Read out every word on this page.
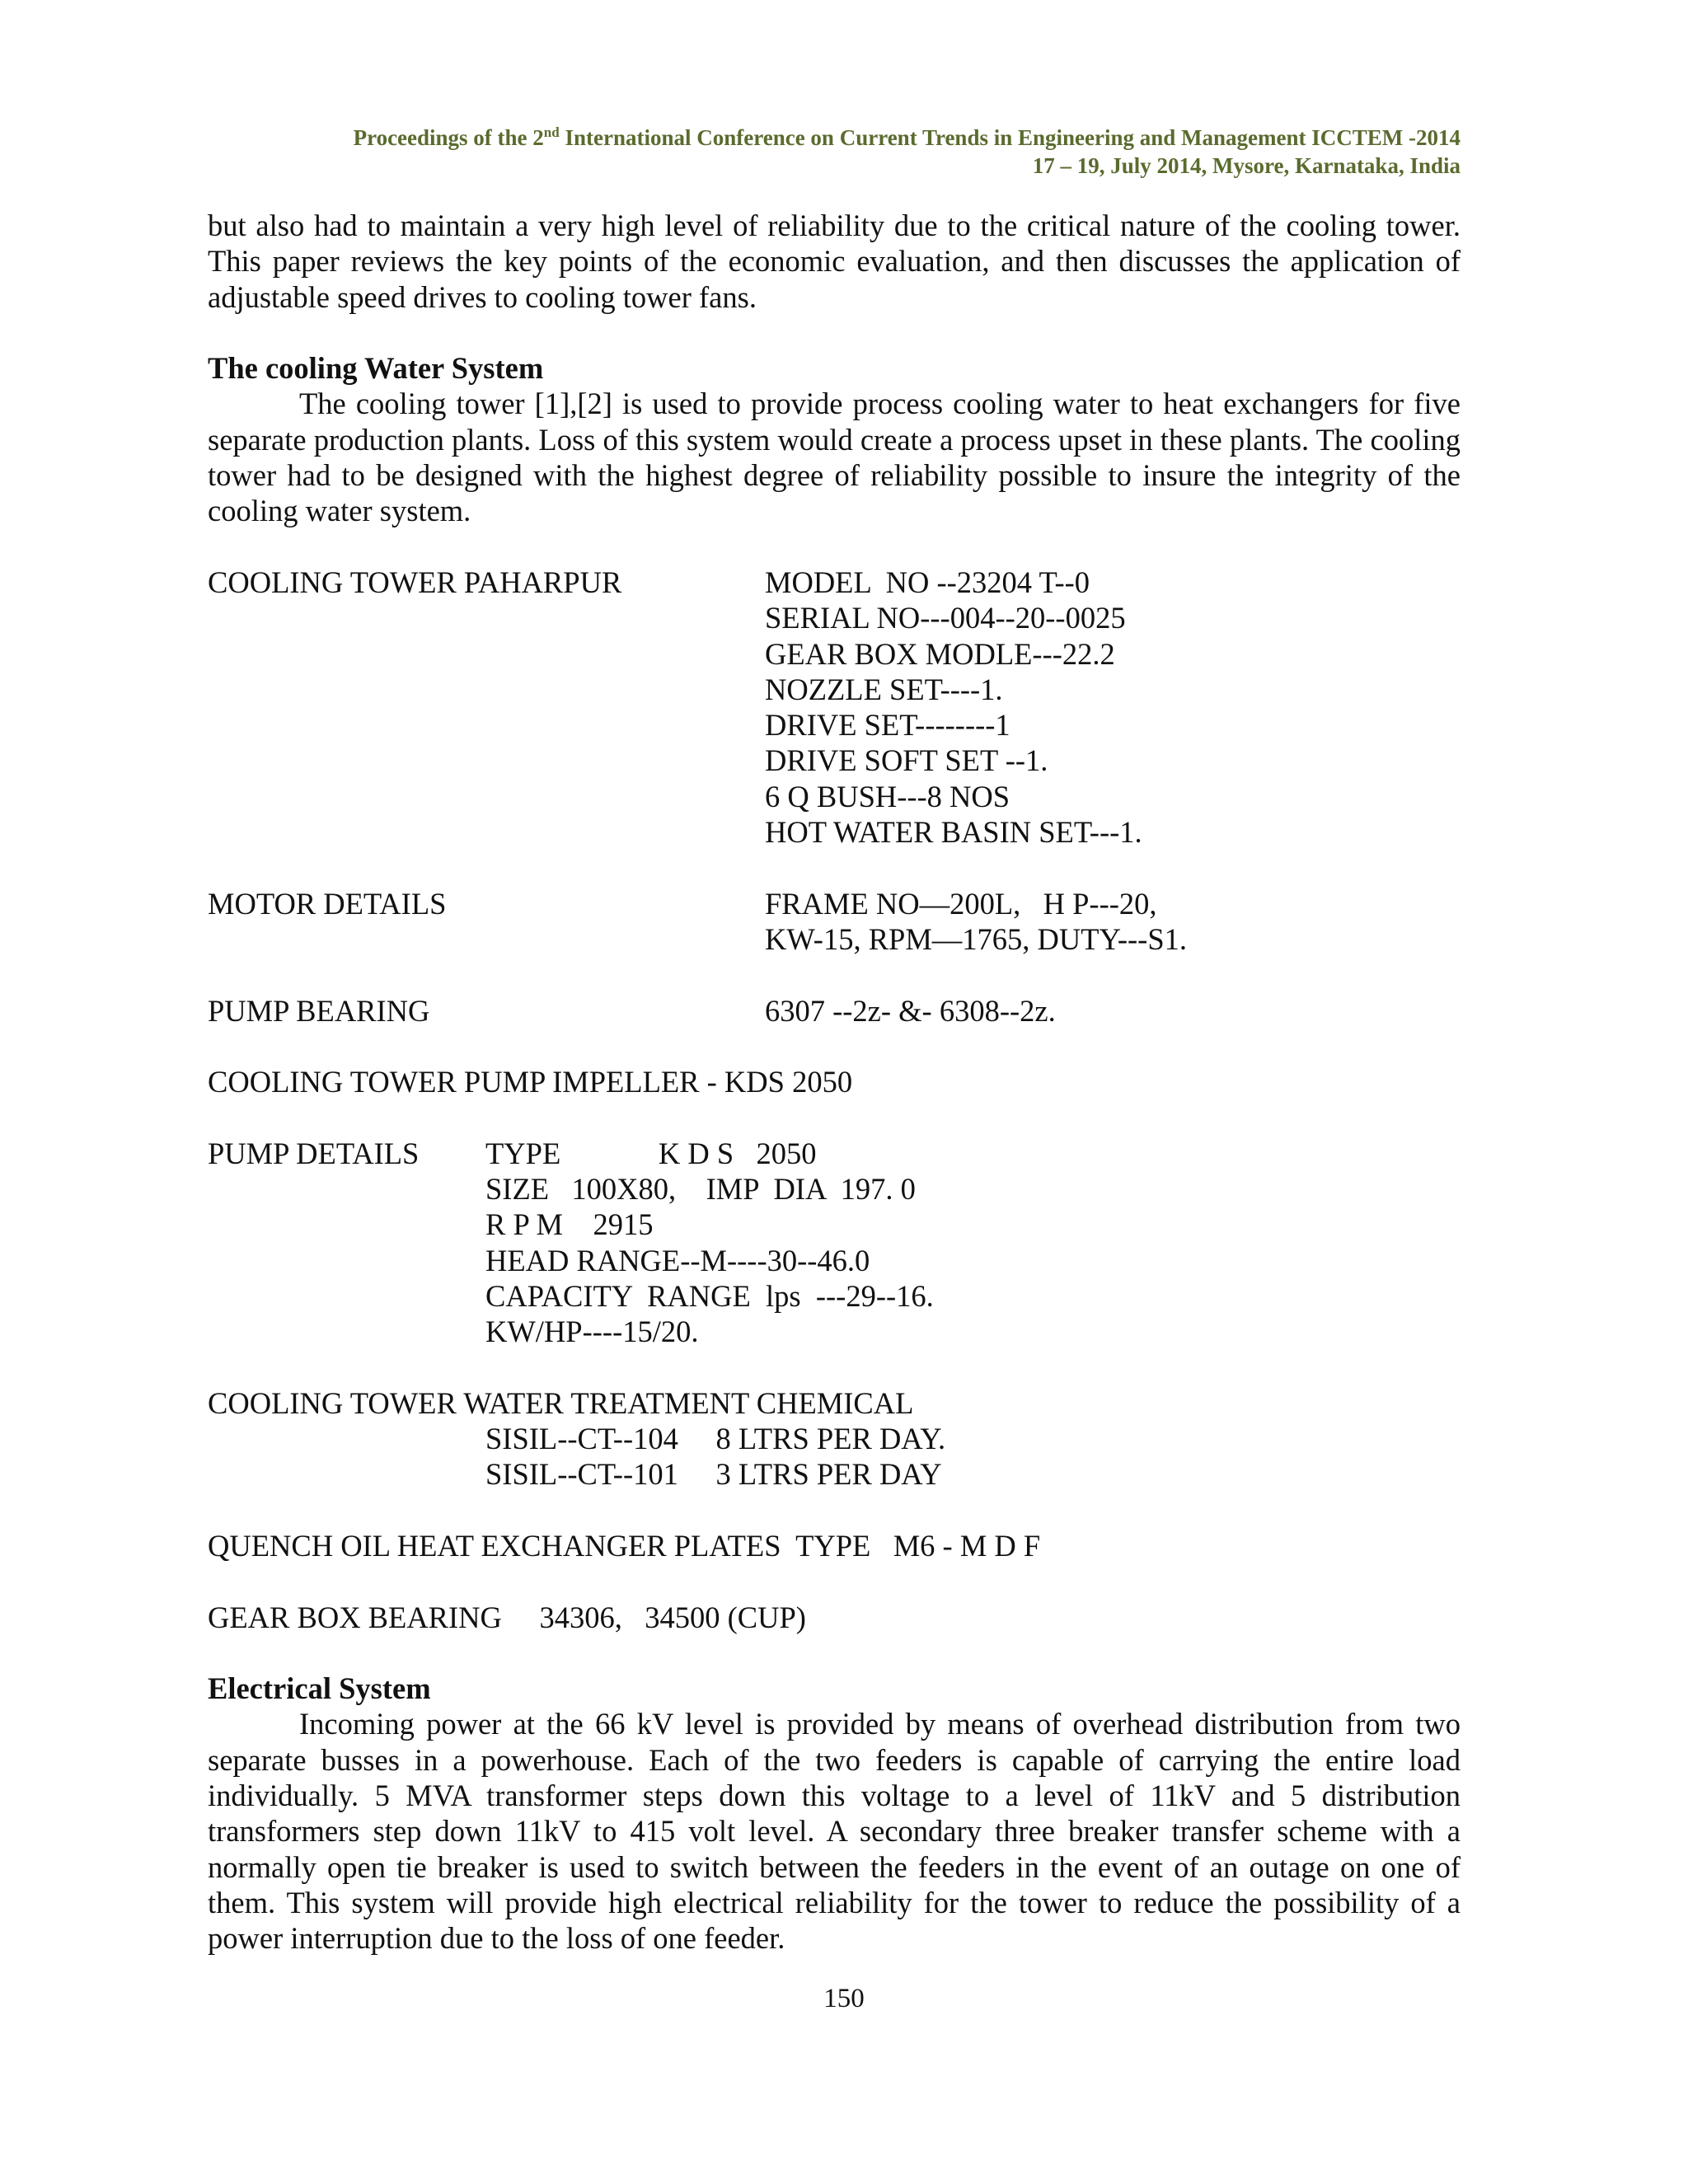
Proceedings of the 2nd International Conference on Current Trends in Engineering and Management ICCTEM -2014
17 – 19, July 2014, Mysore, Karnataka, India

but also had to maintain a very high level of reliability due to the critical nature of the cooling tower. This paper reviews the key points of the economic evaluation, and then discusses the application of adjustable speed drives to cooling tower fans.

The cooling Water System

The cooling tower [1],[2] is used to provide process cooling water to heat exchangers for five separate production plants. Loss of this system would create a process upset in these plants. The cooling tower had to be designed with the highest degree of reliability possible to insure the integrity of the cooling water system.

COOLING TOWER PAHARPUR	MODEL  NO --23204 T--0
SERIAL NO---004--20--0025
GEAR BOX MODLE---22.2
NOZZLE SET----1.
DRIVE SET--------1
DRIVE SOFT SET --1.
6 Q BUSH---8 NOS
HOT WATER BASIN SET---1.
MOTOR DETAILS	FRAME NO—200L,   H P---20,
KW-15, RPM—1765, DUTY---S1.
PUMP BEARING	6307 --2z- &- 6308--2z.
COOLING TOWER PUMP IMPELLER - KDS 2050
PUMP DETAILS	TYPE             K D S   2050
SIZE   100X80,    IMP  DIA  197. 0
R P M    2915
HEAD RANGE--M----30--46.0
CAPACITY  RANGE  lps  ---29--16.
KW/HP----15/20.
COOLING TOWER WATER TREATMENT CHEMICAL
SISIL--CT--104     8 LTRS PER DAY.
SISIL--CT--101     3 LTRS PER DAY
QUENCH OIL HEAT EXCHANGER PLATES  TYPE   M6 - M D F
GEAR BOX BEARING     34306,   34500 (CUP)

Electrical System

Incoming power at the 66 kV level is provided by means of overhead distribution from two separate busses in a powerhouse. Each of the two feeders is capable of carrying the entire load individually. 5 MVA transformer steps down this voltage to a level of 11kV and 5 distribution transformers step down 11kV to 415 volt level. A secondary three breaker transfer scheme with a normally open tie breaker is used to switch between the feeders in the event of an outage on one of them. This system will provide high electrical reliability for the tower to reduce the possibility of a power interruption due to the loss of one feeder.

150
